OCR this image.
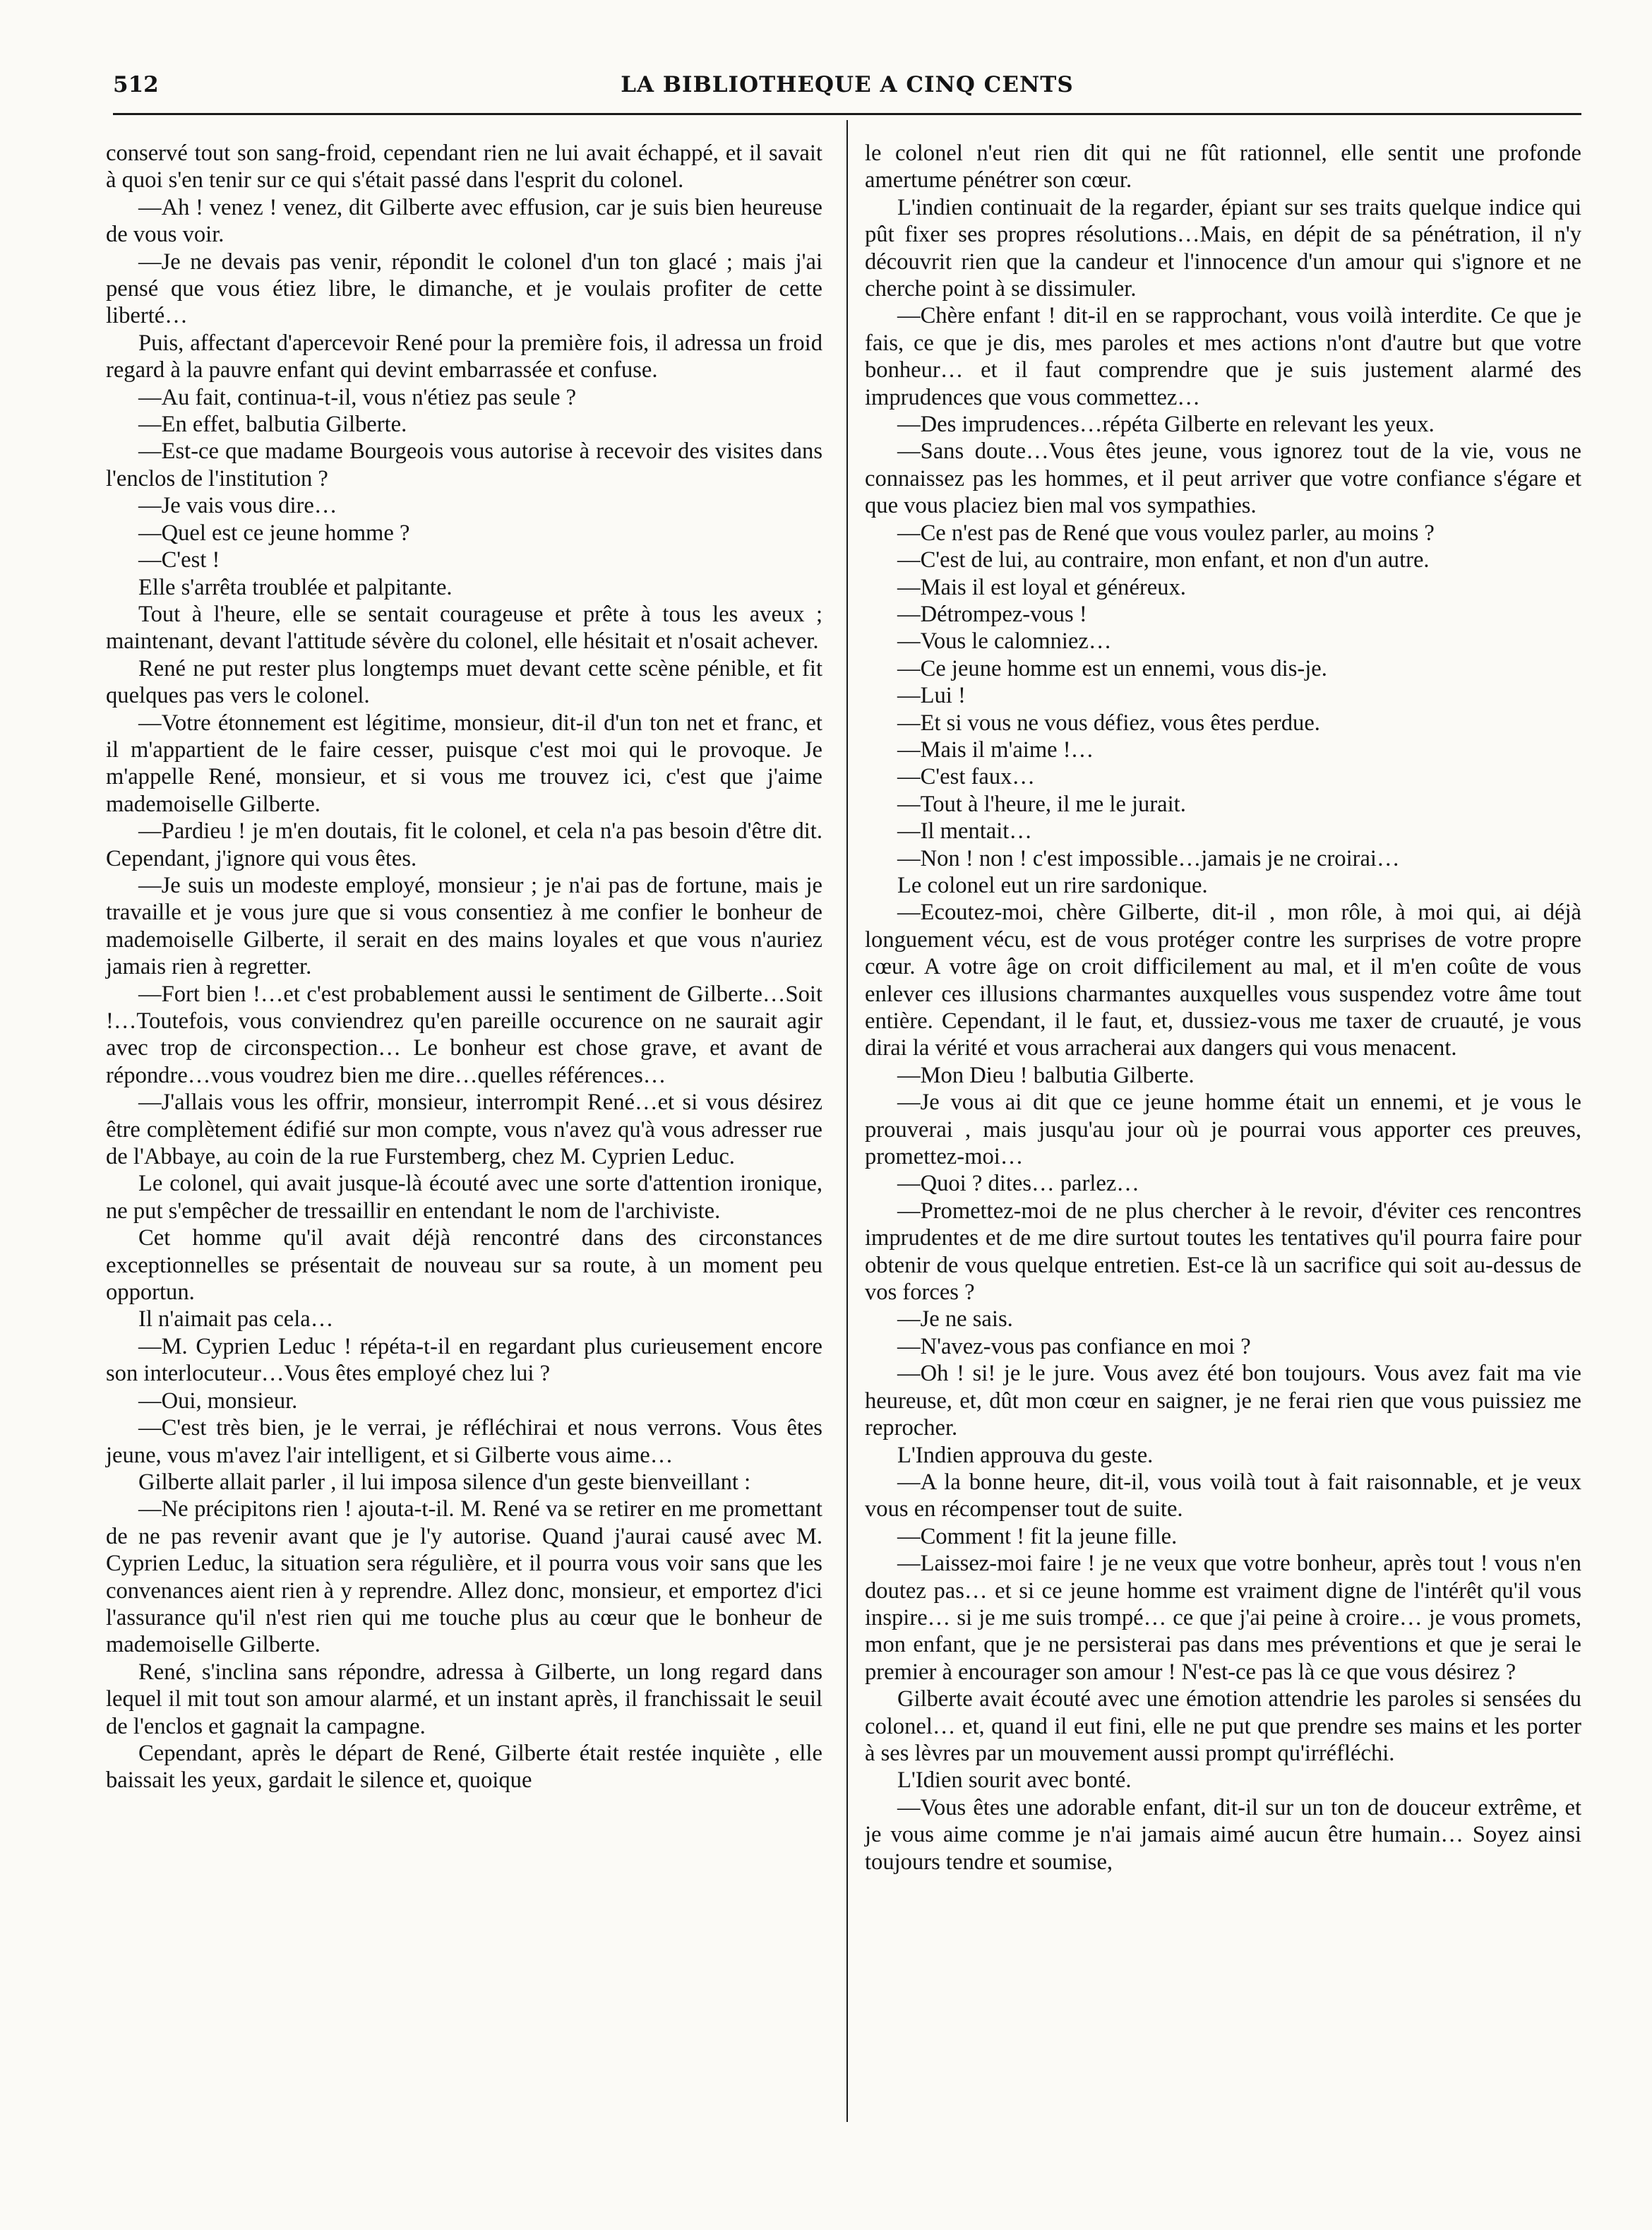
512	LA BIBLIOTHEQUE A CINQ CENTS

conservé tout son sang-froid, cependant rien ne lui avait échappé, et il savait à quoi s'en tenir sur ce qui s'était passé dans l'esprit du colonel.

—Ah ! venez ! venez, dit Gilberte avec effusion, car je suis bien heureuse de vous voir.

—Je ne devais pas venir, répondit le colonel d'un ton glacé ; mais j'ai pensé que vous étiez libre, le dimanche, et je voulais profiter de cette liberté…

Puis, affectant d'apercevoir René pour la première fois, il adressa un froid regard à la pauvre enfant qui devint embarrassée et confuse.

—Au fait, continua-t-il, vous n'étiez pas seule ?

—En effet, balbutia Gilberte.

—Est-ce que madame Bourgeois vous autorise à recevoir des visites dans l'enclos de l'institution ?

—Je vais vous dire…

—Quel est ce jeune homme ?

—C'est !

Elle s'arrêta troublée et palpitante.

Tout à l'heure, elle se sentait courageuse et prête à tous les aveux ; maintenant, devant l'attitude sévère du colonel, elle hésitait et n'osait achever.

René ne put rester plus longtemps muet devant cette scène pénible, et fit quelques pas vers le colonel.

—Votre étonnement est légitime, monsieur, dit-il d'un ton net et franc, et il m'appartient de le faire cesser, puisque c'est moi qui le provoque. Je m'appelle René, monsieur, et si vous me trouvez ici, c'est que j'aime mademoiselle Gilberte.

—Pardieu ! je m'en doutais, fit le colonel, et cela n'a pas besoin d'être dit. Cependant, j'ignore qui vous êtes.

—Je suis un modeste employé, monsieur ; je n'ai pas de fortune, mais je travaille et je vous jure que si vous consentiez à me confier le bonheur de mademoiselle Gilberte, il serait en des mains loyales et que vous n'auriez jamais rien à regretter.

—Fort bien !…et c'est probablement aussi le sentiment de Gilberte…Soit !…Toutefois, vous conviendrez qu'en pareille occurence on ne saurait agir avec trop de circonspection… Le bonheur est chose grave, et avant de répondre…vous voudrez bien me dire…quelles références…

—J'allais vous les offrir, monsieur, interrompit René…et si vous désirez être complètement édifié sur mon compte, vous n'avez qu'à vous adresser rue de l'Abbaye, au coin de la rue Furstemberg, chez M. Cyprien Leduc.

Le colonel, qui avait jusque-là écouté avec une sorte d'attention ironique, ne put s'empêcher de tressaillir en entendant le nom de l'archiviste.

Cet homme qu'il avait déjà rencontré dans des circonstances exceptionnelles se présentait de nouveau sur sa route, à un moment peu opportun.

Il n'aimait pas cela…

—M. Cyprien Leduc ! répéta-t-il en regardant plus curieusement encore son interlocuteur…Vous êtes employé chez lui ?

—Oui, monsieur.

—C'est très bien, je le verrai, je réfléchirai et nous verrons. Vous êtes jeune, vous m'avez l'air intelligent, et si Gilberte vous aime…

Gilberte allait parler , il lui imposa silence d'un geste bienveillant :

—Ne précipitons rien ! ajouta-t-il. M. René va se retirer en me promettant de ne pas revenir avant que je l'y autorise. Quand j'aurai causé avec M. Cyprien Leduc, la situation sera régulière, et il pourra vous voir sans que les convenances aient rien à y reprendre. Allez donc, monsieur, et emportez d'ici l'assurance qu'il n'est rien qui me touche plus au cœur que le bonheur de mademoiselle Gilberte.

René, s'inclina sans répondre, adressa à Gilberte, un long regard dans lequel il mit tout son amour alarmé, et un instant après, il franchissait le seuil de l'enclos et gagnait la campagne.

Cependant, après le départ de René, Gilberte était restée inquiète , elle baissait les yeux, gardait le silence et, quoique

le colonel n'eut rien dit qui ne fût rationnel, elle sentit une profonde amertume pénétrer son cœur.

L'indien continuait de la regarder, épiant sur ses traits quelque indice qui pût fixer ses propres résolutions…Mais, en dépit de sa pénétration, il n'y découvrit rien que la candeur et l'innocence d'un amour qui s'ignore et ne cherche point à se dissimuler.

—Chère enfant ! dit-il en se rapprochant, vous voilà interdite. Ce que je fais, ce que je dis, mes paroles et mes actions n'ont d'autre but que votre bonheur… et il faut comprendre que je suis justement alarmé des imprudences que vous commettez…

—Des imprudences…répéta Gilberte en relevant les yeux.

—Sans doute…Vous êtes jeune, vous ignorez tout de la vie, vous ne connaissez pas les hommes, et il peut arriver que votre confiance s'égare et que vous placiez bien mal vos sympathies.

—Ce n'est pas de René que vous voulez parler, au moins ?

—C'est de lui, au contraire, mon enfant, et non d'un autre.

—Mais il est loyal et généreux.

—Détrompez-vous !

—Vous le calomniez…

—Ce jeune homme est un ennemi, vous dis-je.

—Lui !

—Et si vous ne vous défiez, vous êtes perdue.

—Mais il m'aime !…

—C'est faux…

—Tout à l'heure, il me le jurait.

—Il mentait…

—Non ! non ! c'est impossible…jamais je ne croirai…

Le colonel eut un rire sardonique.

—Ecoutez-moi, chère Gilberte, dit-il , mon rôle, à moi qui, ai déjà longuement vécu, est de vous protéger contre les surprises de votre propre cœur. A votre âge on croit difficilement au mal, et il m'en coûte de vous enlever ces illusions charmantes auxquelles vous suspendez votre âme tout entière. Cependant, il le faut, et, dussiez-vous me taxer de cruauté, je vous dirai la vérité et vous arracherai aux dangers qui vous menacent.

—Mon Dieu ! balbutia Gilberte.

—Je vous ai dit que ce jeune homme était un ennemi, et je vous le prouverai , mais jusqu'au jour où je pourrai vous apporter ces preuves, promettez-moi…

—Quoi ? dites… parlez…

—Promettez-moi de ne plus chercher à le revoir, d'éviter ces rencontres imprudentes et de me dire surtout toutes les tentatives qu'il pourra faire pour obtenir de vous quelque entretien. Est-ce là un sacrifice qui soit au-dessus de vos forces ?

—Je ne sais.

—N'avez-vous pas confiance en moi ?

—Oh ! si! je le jure. Vous avez été bon toujours. Vous avez fait ma vie heureuse, et, dût mon cœur en saigner, je ne ferai rien que vous puissiez me reprocher.

L'Indien approuva du geste.

—A la bonne heure, dit-il, vous voilà tout à fait raisonnable, et je veux vous en récompenser tout de suite.

—Comment ! fit la jeune fille.

—Laissez-moi faire ! je ne veux que votre bonheur, après tout ! vous n'en doutez pas… et si ce jeune homme est vraiment digne de l'intérêt qu'il vous inspire… si je me suis trompé… ce que j'ai peine à croire… je vous promets, mon enfant, que je ne persisterai pas dans mes préventions et que je serai le premier à encourager son amour ! N'est-ce pas là ce que vous désirez ?

Gilberte avait écouté avec une émotion attendrie les paroles si sensées du colonel… et, quand il eut fini, elle ne put que prendre ses mains et les porter à ses lèvres par un mouvement aussi prompt qu'irréfléchi.

L'Idien sourit avec bonté.

—Vous êtes une adorable enfant, dit-il sur un ton de douceur extrême, et je vous aime comme je n'ai jamais aimé aucun être humain… Soyez ainsi toujours tendre et soumise,
